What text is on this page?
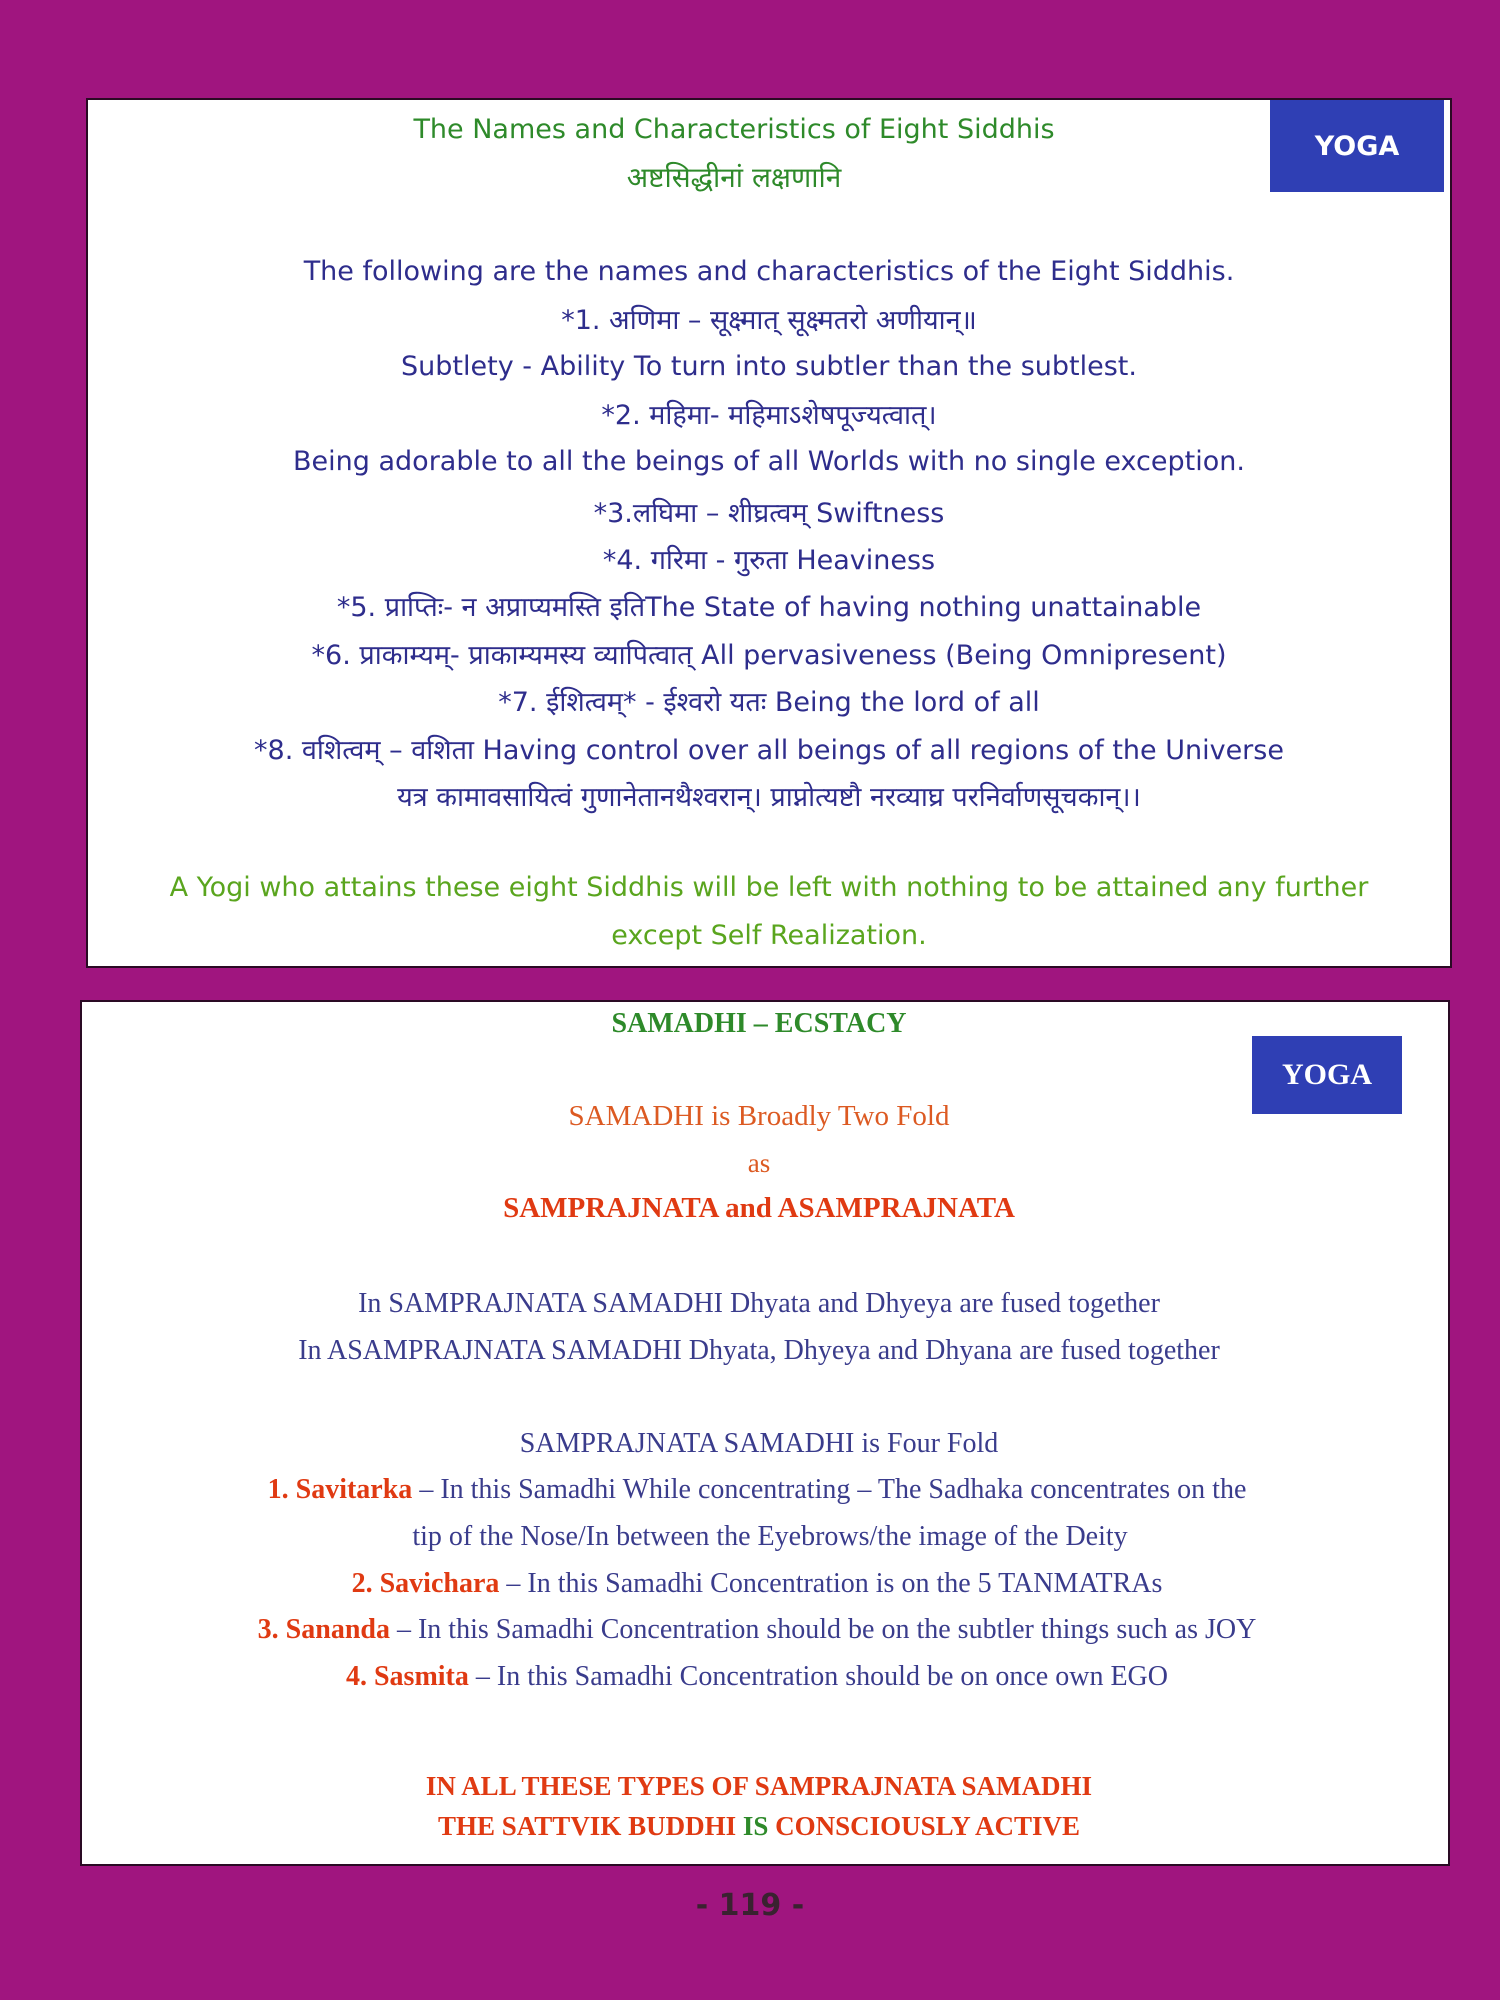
YOGA
The Names and Characteristics of Eight Siddhis
अष्टसिद्धीनां लक्षणानि
The following are the names and characteristics of the Eight Siddhis.
*1. अणिमा – सूक्ष्मात् सूक्ष्मतरो अणीयान्॥
Subtlety - Ability To turn into subtler than the subtlest.
*2. महिमा- महिमाऽशेषपूज्यत्वात्।
Being adorable to all the beings of all Worlds with no single exception.
*3.लघिमा – शीघ्रत्वम् Swiftness
*4. गरिमा - गुरुता Heaviness
*5. प्राप्तिः- न अप्राप्यमस्ति इतिThe State of having nothing unattainable
*6. प्राकाम्यम्- प्राकाम्यमस्य व्यापित्वात् All pervasiveness (Being Omnipresent)
*7. ईशित्वम्* - ईश्वरो यतः Being the lord of all
*8. वशित्वम् – वशिता Having control over all beings of all regions of the Universe
यत्र कामावसायित्वं गुणानेतानथैश्वरान्। प्राप्नोत्यष्टौ नरव्याघ्र परनिर्वाणसूचकान्।।
A Yogi who attains these eight Siddhis will be left with nothing to be attained any further
except Self Realization.
YOGA
SAMADHI – ECSTACY
SAMADHI is Broadly Two Fold
as
SAMPRAJNATA and ASAMPRAJNATA
In SAMPRAJNATA SAMADHI Dhyata and Dhyeya are fused together
In ASAMPRAJNATA SAMADHI Dhyata, Dhyeya and Dhyana are fused together
SAMPRAJNATA SAMADHI is Four Fold
1. Savitarka – In this Samadhi While concentrating – The Sadhaka concentrates on the
tip of the Nose/In between the Eyebrows/the image of the Deity
2. Savichara – In this Samadhi Concentration is on the 5 TANMATRAs
3. Sananda – In this Samadhi Concentration should be on the subtler things such as JOY
4. Sasmita – In this Samadhi Concentration should be on once own EGO
IN ALL THESE TYPES OF SAMPRAJNATA SAMADHI
THE SATTVIK BUDDHI IS CONSCIOUSLY ACTIVE
- 119 -
